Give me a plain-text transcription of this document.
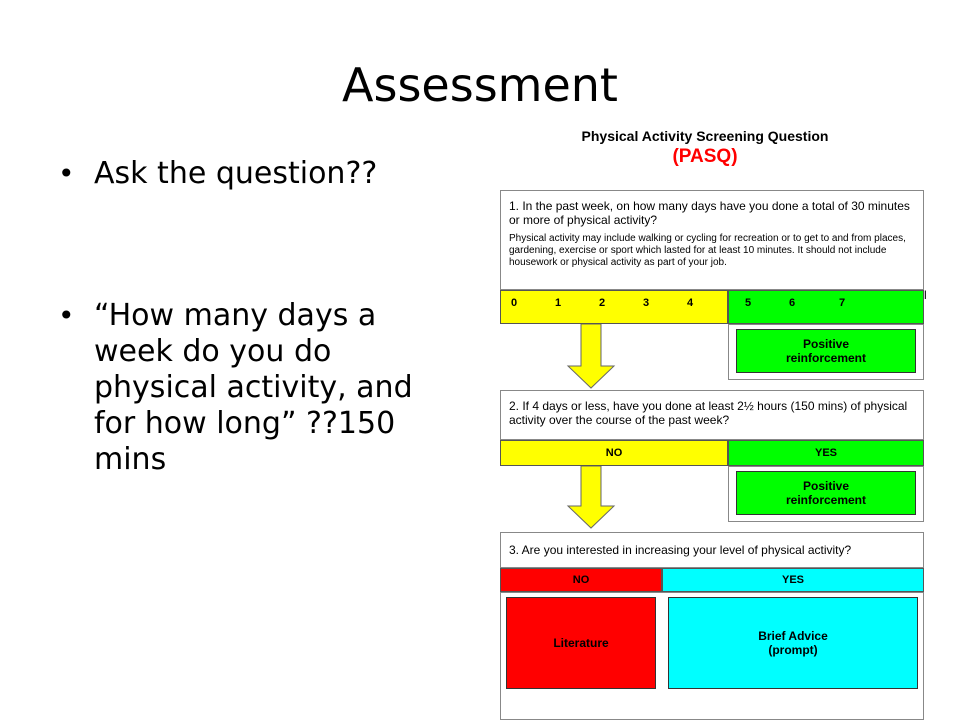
Assessment
• Ask the question??
• “How many days a week do you do physical activity, and for how long” ??150 mins
Physical Activity Screening Question
(PASQ)
1. In the past week, on how many days have you done a total of 30 minutes or more of physical activity?
Physical activity may include walking or cycling for recreation or to get to and from places, gardening, exercise or sport which lasted for at least 10 minutes. It should not include housework or physical activity as part of your job.
0	1	2	3	4	5	6	7
l
Positive reinforcement
2. If 4 days or less, have you done at least 2½ hours (150 mins) of physical activity over the course of the past week?
NO	YES
Positive reinforcement
3. Are you interested in increasing your level of physical activity?
NO	YES
Literature	Brief Advice
(prompt)
